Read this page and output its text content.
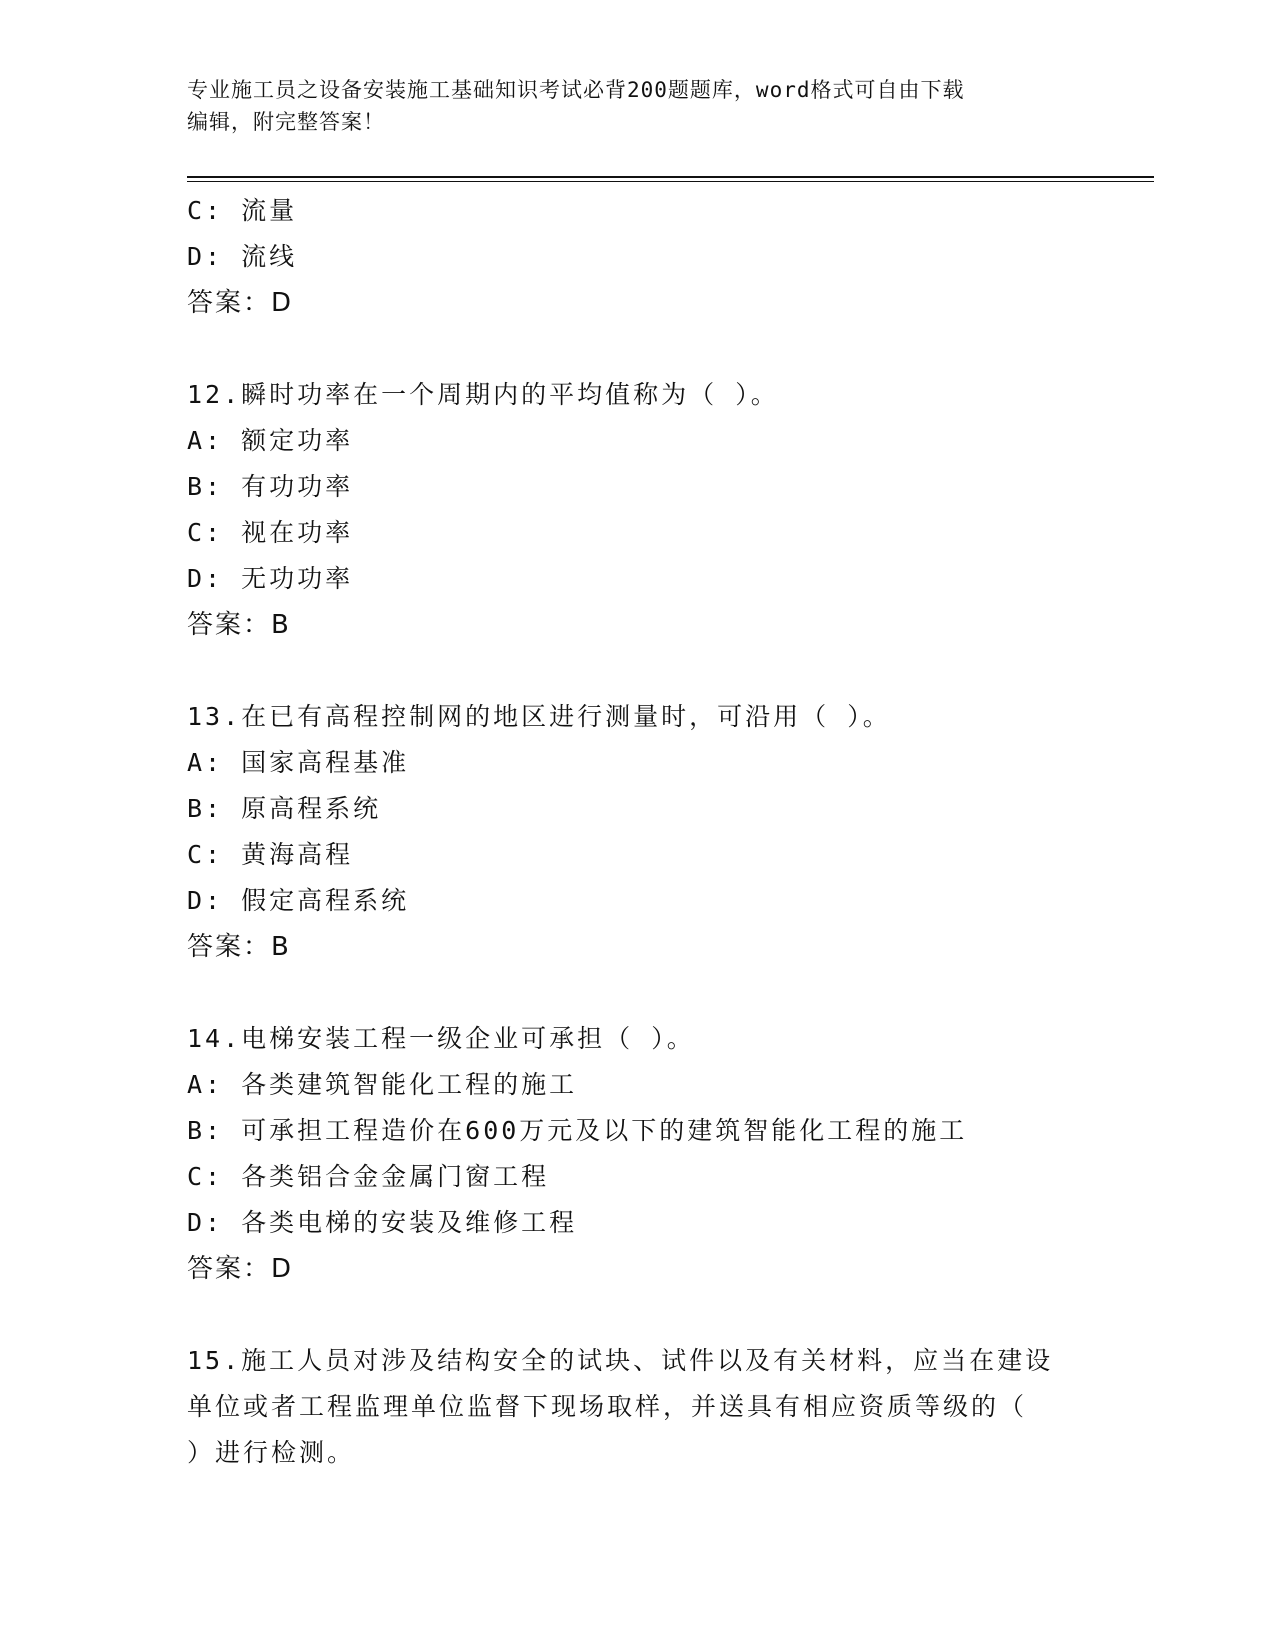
专业施工员之设备安装施工基础知识考试必背200题题库，word格式可自由下载
编辑，附完整答案！
C: 流量
D: 流线
答案：D
12.瞬时功率在一个周期内的平均值称为（ ）。
A: 额定功率
B: 有功功率
C: 视在功率
D: 无功功率
答案：B
13.在已有高程控制网的地区进行测量时，可沿用（ ）。
A: 国家高程基准
B: 原高程系统
C: 黄海高程
D: 假定高程系统
答案：B
14.电梯安装工程一级企业可承担（ ）。
A: 各类建筑智能化工程的施工
B: 可承担工程造价在600万元及以下的建筑智能化工程的施工
C: 各类铝合金金属门窗工程
D: 各类电梯的安装及维修工程
答案：D
15.施工人员对涉及结构安全的试块、试件以及有关材料，应当在建设
单位或者工程监理单位监督下现场取样，并送具有相应资质等级的（
）进行检测。
